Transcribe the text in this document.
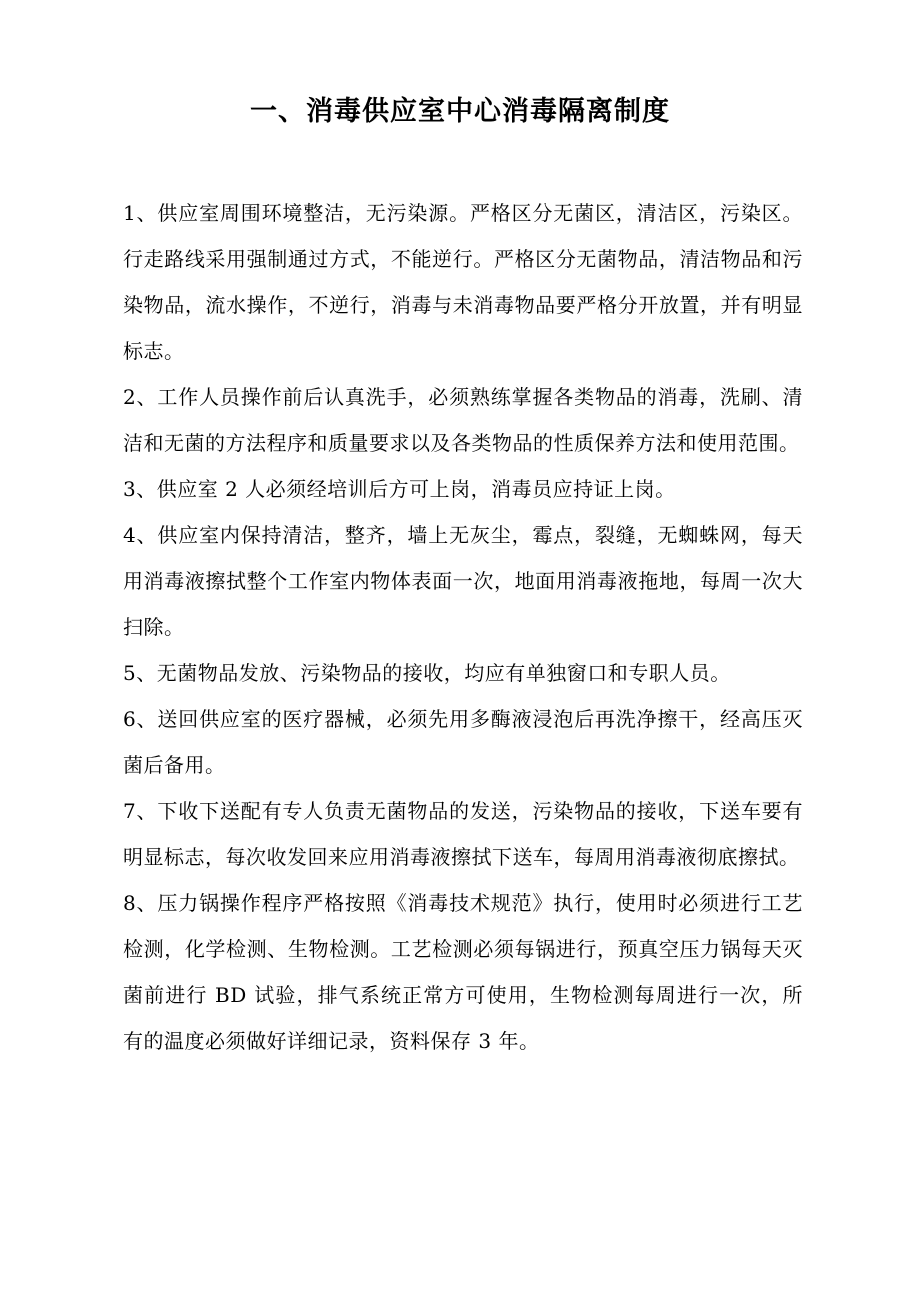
一、消毒供应室中心消毒隔离制度

1、供应室周围环境整洁，无污染源。严格区分无菌区，清洁区，污染区。行走路线采用强制通过方式，不能逆行。严格区分无菌物品，清洁物品和污染物品，流水操作，不逆行，消毒与未消毒物品要严格分开放置，并有明显标志。

2、工作人员操作前后认真洗手，必须熟练掌握各类物品的消毒，洗刷、清洁和无菌的方法程序和质量要求以及各类物品的性质保养方法和使用范围。

3、供应室 2 人必须经培训后方可上岗，消毒员应持证上岗。

4、供应室内保持清洁，整齐，墙上无灰尘，霉点，裂缝，无蜘蛛网，每天用消毒液擦拭整个工作室内物体表面一次，地面用消毒液拖地，每周一次大扫除。

5、无菌物品发放、污染物品的接收，均应有单独窗口和专职人员。

6、送回供应室的医疗器械，必须先用多酶液浸泡后再洗净擦干，经高压灭菌后备用。

7、下收下送配有专人负责无菌物品的发送，污染物品的接收，下送车要有明显标志，每次收发回来应用消毒液擦拭下送车，每周用消毒液彻底擦拭。

8、压力锅操作程序严格按照《消毒技术规范》执行，使用时必须进行工艺检测，化学检测、生物检测。工艺检测必须每锅进行，预真空压力锅每天灭菌前进行 BD 试验，排气系统正常方可使用，生物检测每周进行一次，所有的温度必须做好详细记录，资料保存 3 年。
